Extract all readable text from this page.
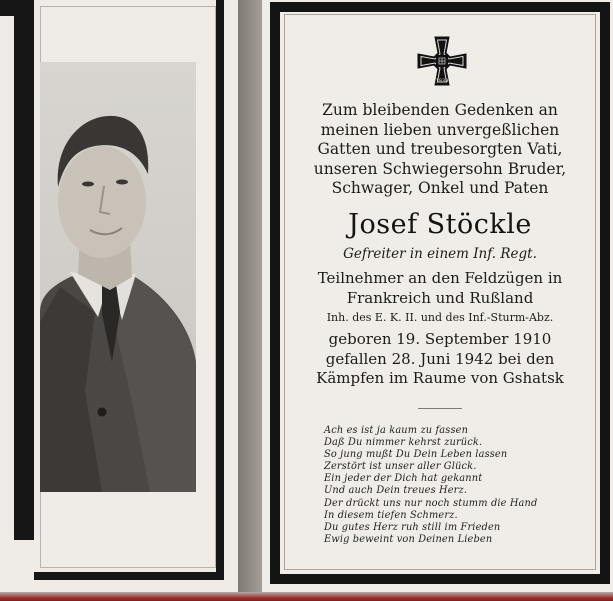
1939
Zum bleibenden Gedenken an
meinen lieben unvergeßlichen
Gatten und treubesorgten Vati,
unseren Schwiegersohn Bruder,
Schwager, Onkel und Paten
Josef Stöckle
Gefreiter in einem Inf. Regt.
Teilnehmer an den Feldzügen in
Frankreich und Rußland
Inh. des E. K. II. und des Inf.-Sturm-Abz.
geboren 19. September 1910
gefallen 28. Juni 1942 bei den
Kämpfen im Raume von Gshatsk
Ach es ist ja kaum zu fassen
Daß Du nimmer kehrst zurück.
So jung mußt Du Dein Leben lassen
Zerstört ist unser aller Glück.
Ein jeder der Dich hat gekannt
Und auch Dein treues Herz.
Der drückt uns nur noch stumm die Hand
In diesem tiefen Schmerz.
Du gutes Herz ruh still im Frieden
Ewig beweint von Deinen Lieben
